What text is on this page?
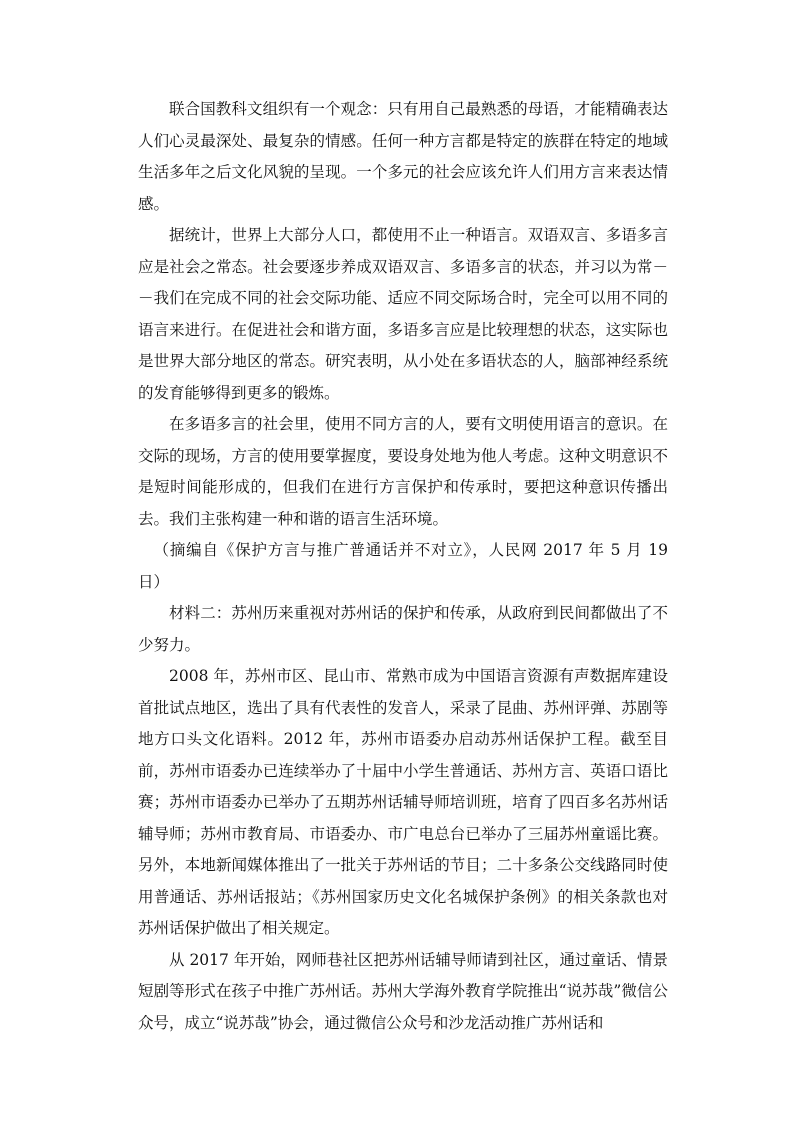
联合国教科文组织有一个观念：只有用自己最熟悉的母语，才能精确表达人们心灵最深处、最复杂的情感。任何一种方言都是特定的族群在特定的地域生活多年之后文化风貌的呈现。一个多元的社会应该允许人们用方言来表达情感。

据统计，世界上大部分人口，都使用不止一种语言。双语双言、多语多言应是社会之常态。社会要逐步养成双语双言、多语多言的状态，并习以为常－－我们在完成不同的社会交际功能、适应不同交际场合时，完全可以用不同的语言来进行。在促进社会和谐方面，多语多言应是比较理想的状态，这实际也是世界大部分地区的常态。研究表明，从小处在多语状态的人，脑部神经系统的发育能够得到更多的锻炼。

在多语多言的社会里，使用不同方言的人，要有文明使用语言的意识。在交际的现场，方言的使用要掌握度，要设身处地为他人考虑。这种文明意识不是短时间能形成的，但我们在进行方言保护和传承时，要把这种意识传播出去。我们主张构建一种和谐的语言生活环境。

（摘编自《保护方言与推广普通话并不对立》，人民网 2017 年 5 月 19 日）

材料二：苏州历来重视对苏州话的保护和传承，从政府到民间都做出了不少努力。

2008 年，苏州市区、昆山市、常熟市成为中国语言资源有声数据库建设首批试点地区，选出了具有代表性的发音人，采录了昆曲、苏州评弹、苏剧等地方口头文化语料。2012 年，苏州市语委办启动苏州话保护工程。截至目前，苏州市语委办已连续举办了十届中小学生普通话、苏州方言、英语口语比赛；苏州市语委办已举办了五期苏州话辅导师培训班，培育了四百多名苏州话辅导师；苏州市教育局、市语委办、市广电总台已举办了三届苏州童谣比赛。另外，本地新闻媒体推出了一批关于苏州话的节目；二十多条公交线路同时使用普通话、苏州话报站；《苏州国家历史文化名城保护条例》的相关条款也对苏州话保护做出了相关规定。

从 2017 年开始，网师巷社区把苏州话辅导师请到社区，通过童话、情景短剧等形式在孩子中推广苏州话。苏州大学海外教育学院推出“说苏哉”微信公众号，成立“说苏哉”协会，通过微信公众号和沙龙活动推广苏州话和
